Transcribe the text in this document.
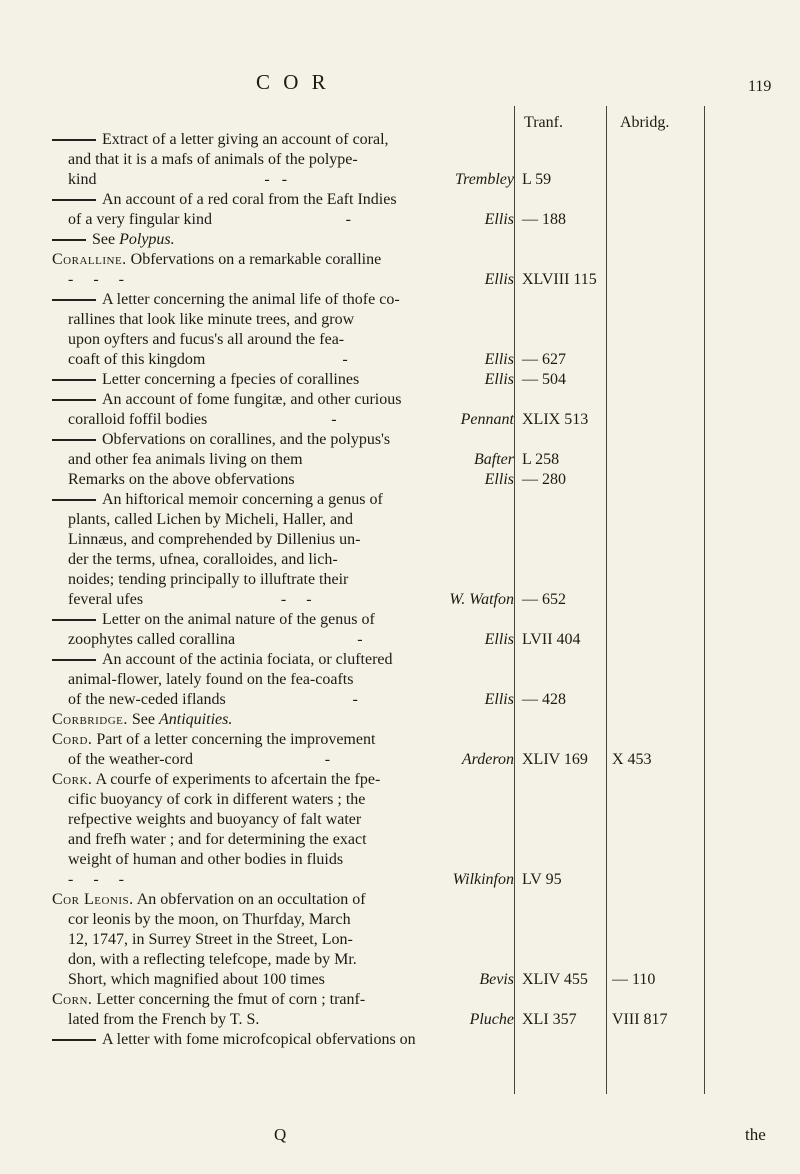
C O R	119
Tranf.	Abridg.
Extract of a letter giving an account of coral,
and that it is a mafs of animals of the polype-
kind	-   -	Trembley L 59
An account of a red coral from the Eaft Indies
of a very fingular kind	-	Ellis — 188
See Polypus.
Coralline. Obfervations on a remarkable coralline
-     -     -	Ellis XLVIII 115
A letter concerning the animal life of thofe co-
rallines that look like minute trees, and grow
upon oyfters and fucus's all around the fea-
coaft of this kingdom	-	Ellis — 627
Letter concerning a fpecies of corallines	Ellis — 504
An account of fome fungitæ, and other curious
coralloid foffil bodies	-	Pennant XLIX 513
Obfervations on corallines, and the polypus's
and other fea animals living on them	Bafter L 258
Remarks on the above obfervations	Ellis — 280
An hiftorical memoir concerning a genus of
plants, called Lichen by Micheli, Haller, and
Linnæus, and comprehended by Dillenius un-
der the terms, ufnea, coralloides, and lich-
noides; tending principally to illuftrate their
feveral ufes	-     -	W. Watfon — 652
Letter on the animal nature of the genus of
zoophytes called corallina	-	Ellis LVII 404
An account of the actinia fociata, or cluftered
animal-flower, lately found on the fea-coafts
of the new-ceded iflands	-	Ellis — 428
Corbridge. See Antiquities.
Cord. Part of a letter concerning the improvement
of the weather-cord	-	Arderon XLIV 169 X 453
Cork. A courfe of experiments to afcertain the fpe-
cific buoyancy of cork in different waters ; the
refpective weights and buoyancy of falt water
and frefh water ; and for determining the exact
weight of human and other bodies in fluids
-     -     -	Wilkinfon LV 95
Cor Leonis. An obfervation on an occultation of
cor leonis by the moon, on Thurfday, March
12, 1747, in Surrey Street in the Street, Lon-
don, with a reflecting telefcope, made by Mr.
Short, which magnified about 100 times	Bevis XLIV 455 — 110
Corn. Letter concerning the fmut of corn ; tranf-
lated from the French by T. S.	Pluche XLI 357 VIII 817
A letter with fome microfcopical obfervations on
Q	the
